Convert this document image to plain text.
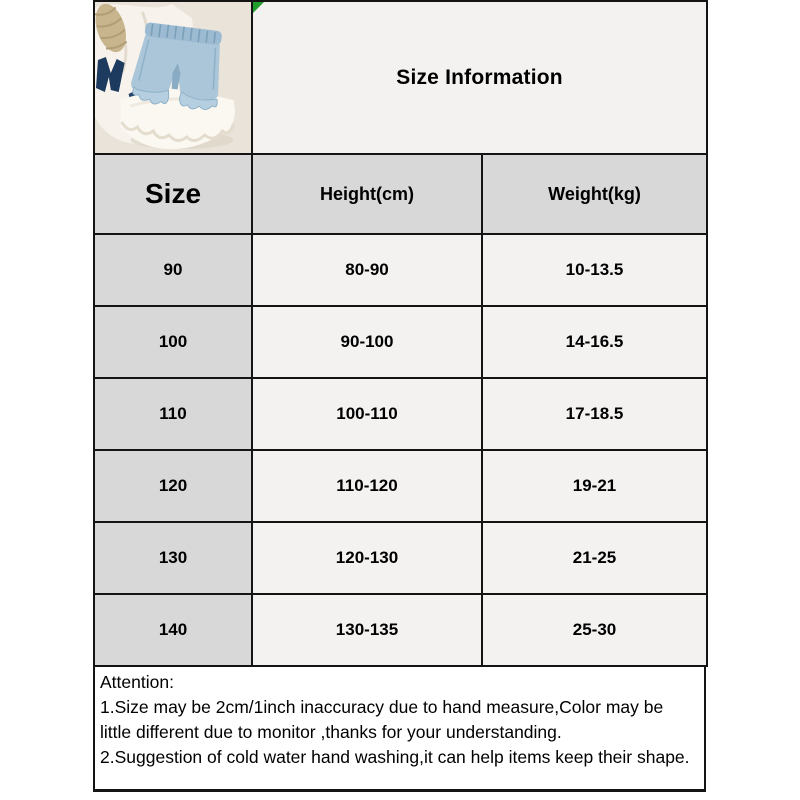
Size Information	
Size	Height(cm)	Weight(kg)
90	80-90	10-13.5
100	90-100	14-16.5
110	100-110	17-18.5
120	110-120	19-21
130	120-130	21-25
140	130-135	25-30
Attention:

1.Size may be 2cm/1inch inaccuracy due to hand measure,Color may be little different due to monitor ,thanks for your understanding.

2.Suggestion of cold water hand washing,it can help items keep their shape.
